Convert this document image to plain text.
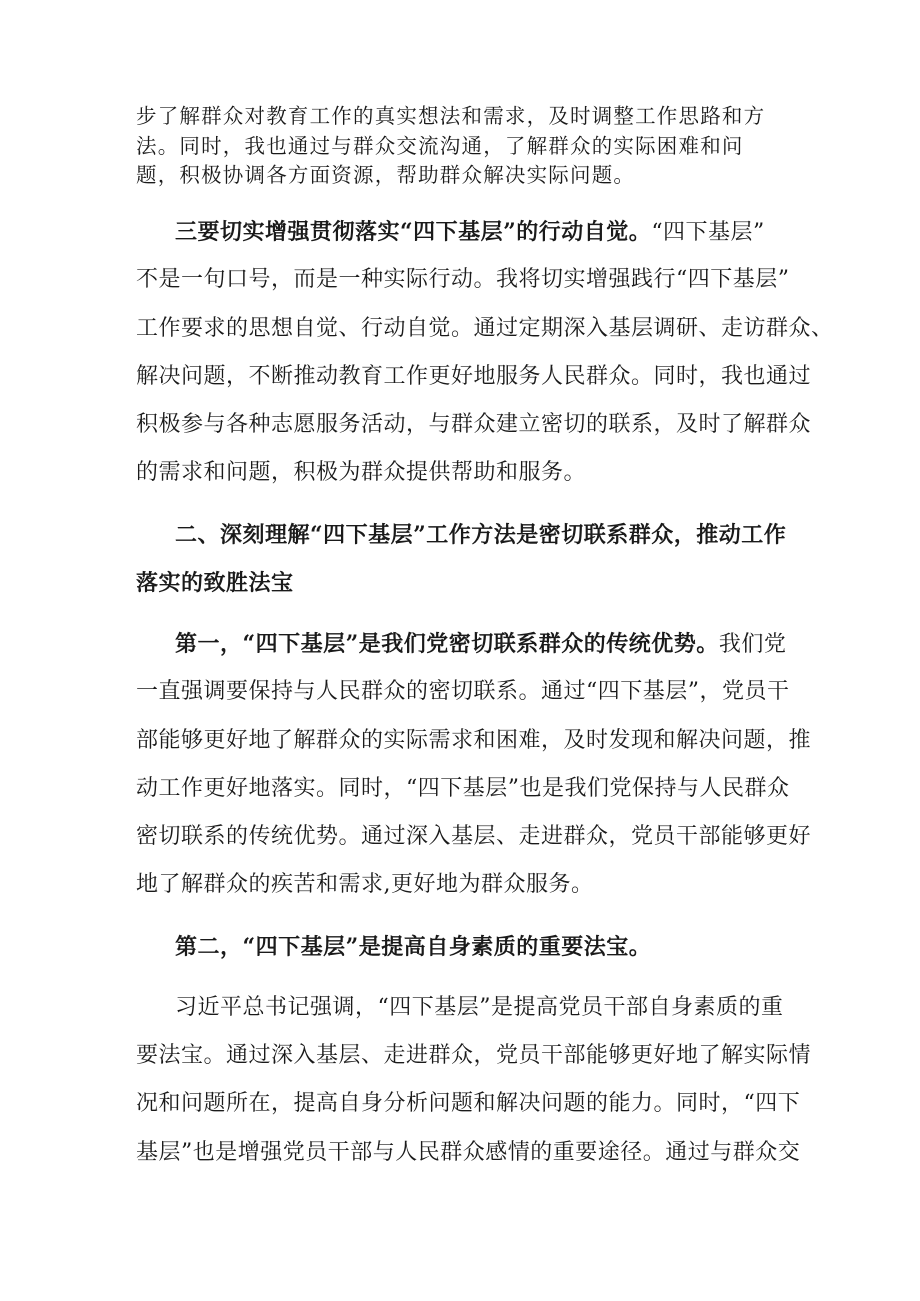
步了解群众对教育工作的真实想法和需求，及时调整工作思路和方
法。同时，我也通过与群众交流沟通，了解群众的实际困难和问
题，积极协调各方面资源，帮助群众解决实际问题。
三要切实增强贯彻落实“四下基层”的行动自觉。“四下基层”
不是一句口号，而是一种实际行动。我将切实增强践行“四下基层”
工作要求的思想自觉、行动自觉。通过定期深入基层调研、走访群众、
解决问题，不断推动教育工作更好地服务人民群众。同时，我也通过
积极参与各种志愿服务活动，与群众建立密切的联系，及时了解群众
的需求和问题，积极为群众提供帮助和服务。
二、深刻理解“四下基层”工作方法是密切联系群众，推动工作
落实的致胜法宝
第一，“四下基层”是我们党密切联系群众的传统优势。我们党
一直强调要保持与人民群众的密切联系。通过“四下基层”，党员干
部能够更好地了解群众的实际需求和困难，及时发现和解决问题，推
动工作更好地落实。同时，“四下基层”也是我们党保持与人民群众
密切联系的传统优势。通过深入基层、走进群众，党员干部能够更好
地了解群众的疾苦和需求,更好地为群众服务。
第二，“四下基层”是提高自身素质的重要法宝。
习近平总书记强调，“四下基层”是提高党员干部自身素质的重
要法宝。通过深入基层、走进群众，党员干部能够更好地了解实际情
况和问题所在，提高自身分析问题和解决问题的能力。同时，“四下
基层”也是增强党员干部与人民群众感情的重要途径。通过与群众交
